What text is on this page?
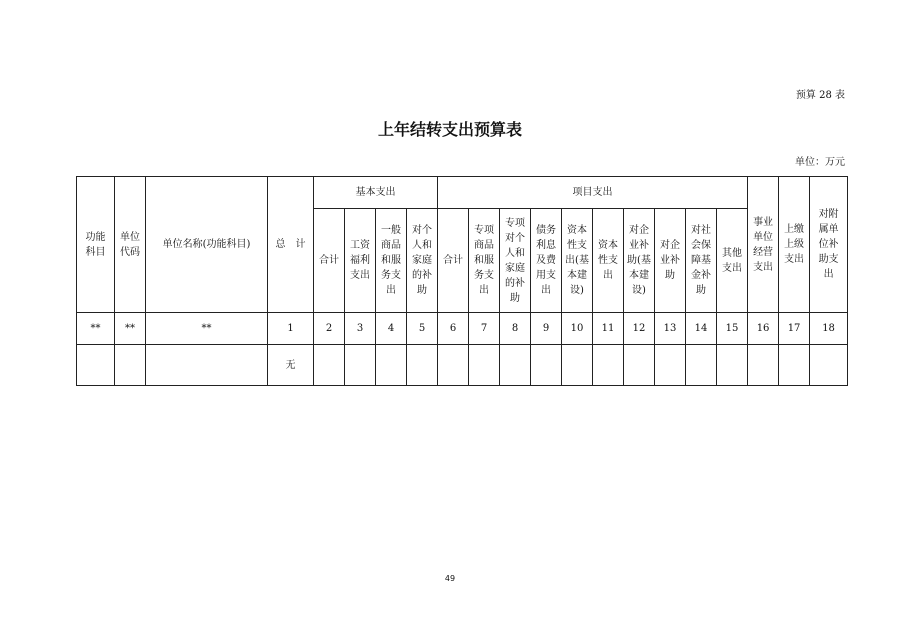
预算 28 表
上年结转支出预算表
单位：万元
功能科目	单位代码	单位名称(功能科目)	总　计	基本支出				项目支出										事业单位经营支出	上缴上级支出	对附属单位补助支出
				合计	工资福利支出	一般商品和服务支出	对个人和家庭的补助	合计	专项商品和服务支出	专项对个人和家庭的补助	债务利息及费用支出	资本性支出(基本建设)	资本性支出	对企业补助(基本建设)	对企业补助	对社会保障基金补助	其他支出			
**	**	**	1	2	3	4	5	6	7	8	9	10	11	12	13	14	15	16	17	18
			无																	
49
